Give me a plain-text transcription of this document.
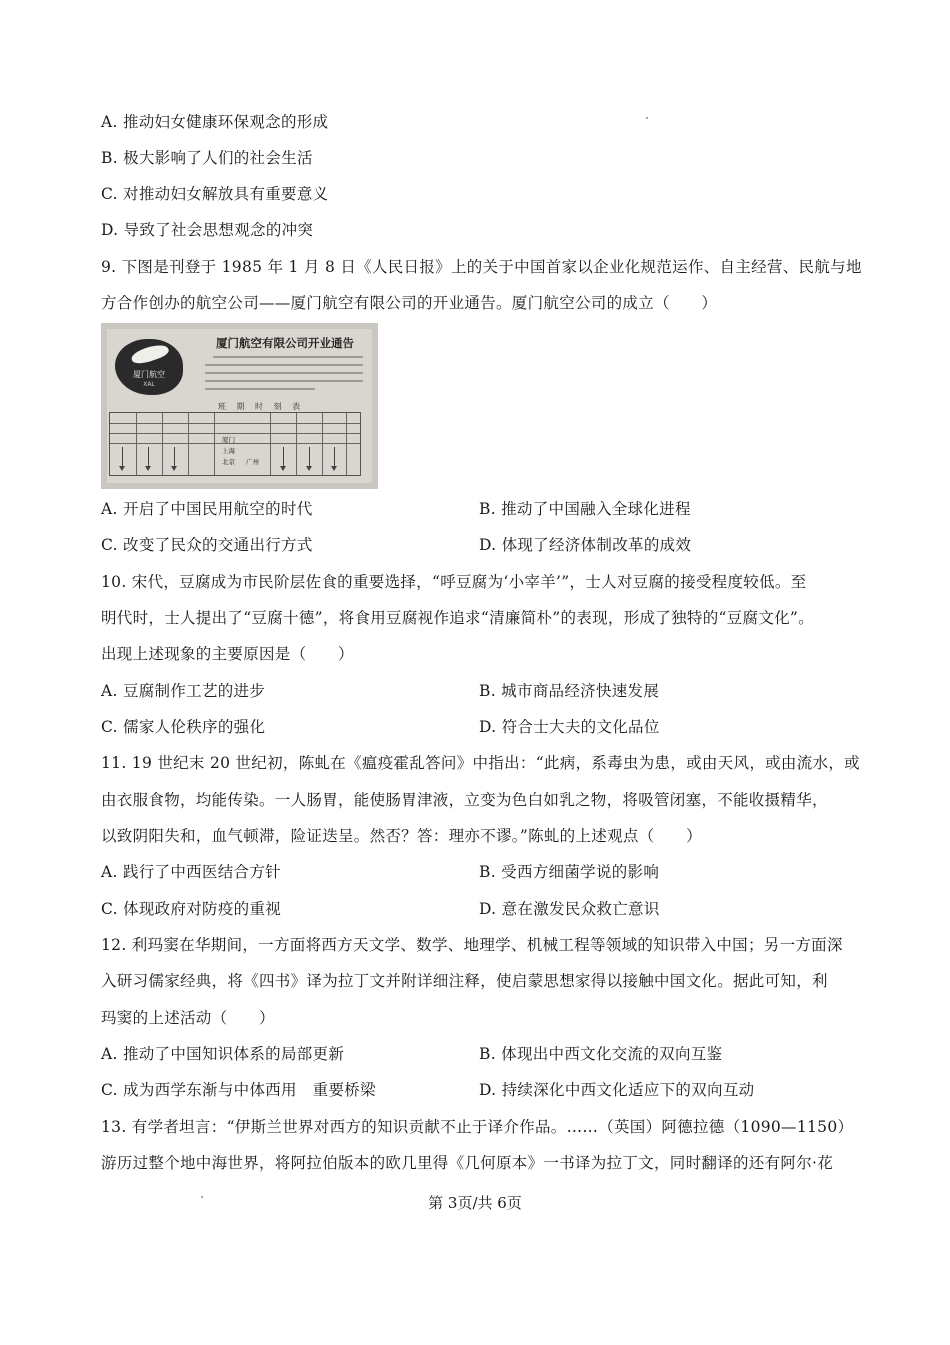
A. 推动妇女健康环保观念的形成
B. 极大影响了人们的社会生活
C. 对推动妇女解放具有重要意义
D. 导致了社会思想观念的冲突
9. 下图是刊登于 1985 年 1 月 8 日《人民日报》上的关于中国首家以企业化规范运作、自主经营、民航与地
方合作创办的航空公司——厦门航空有限公司的开业通告。厦门航空公司的成立（　　）
厦门航空
XAL
厦门航空有限公司开业通告
班 期 时 刻 表
厦门
上海
北京 广州
A. 开启了中国民用航空的时代	B. 推动了中国融入全球化进程
C. 改变了民众的交通出行方式	D. 体现了经济体制改革的成效
10. 宋代，豆腐成为市民阶层佐食的重要选择，“呼豆腐为‘小宰羊’”，士人对豆腐的接受程度较低。至
明代时，士人提出了“豆腐十德”，将食用豆腐视作追求“清廉简朴”的表现，形成了独特的“豆腐文化”。
出现上述现象的主要原因是（　　）
A. 豆腐制作工艺的进步	B. 城市商品经济快速发展
C. 儒家人伦秩序的强化	D. 符合士大夫的文化品位
11. 19 世纪末 20 世纪初，陈虬在《瘟疫霍乱答问》中指出：“此病，系毒虫为患，或由天风，或由流水，或
由衣服食物，均能传染。一人肠胃，能使肠胃津液，立变为色白如乳之物，将吸管闭塞，不能收摄精华，
以致阴阳失和，血气顿滞，险证迭呈。然否？答：理亦不谬。”陈虬的上述观点（　　）
A. 践行了中西医结合方针	B. 受西方细菌学说的影响
C. 体现政府对防疫的重视	D. 意在激发民众救亡意识
12. 利玛窦在华期间，一方面将西方天文学、数学、地理学、机械工程等领域的知识带入中国；另一方面深
入研习儒家经典，将《四书》译为拉丁文并附详细注释，使启蒙思想家得以接触中国文化。据此可知，利
玛窦的上述活动（　　）
A. 推动了中国知识体系的局部更新	B. 体现出中西文化交流的双向互鉴
C. 成为西学东渐与中体西用　重要桥梁	D. 持续深化中西文化适应下的双向互动
13. 有学者坦言：“伊斯兰世界对西方的知识贡献不止于译介作品。……（英国）阿德拉德（1090—1150）
游历过整个地中海世界，将阿拉伯版本的欧几里得《几何原本》一书译为拉丁文，同时翻译的还有阿尔·花
第 3页/共 6页
